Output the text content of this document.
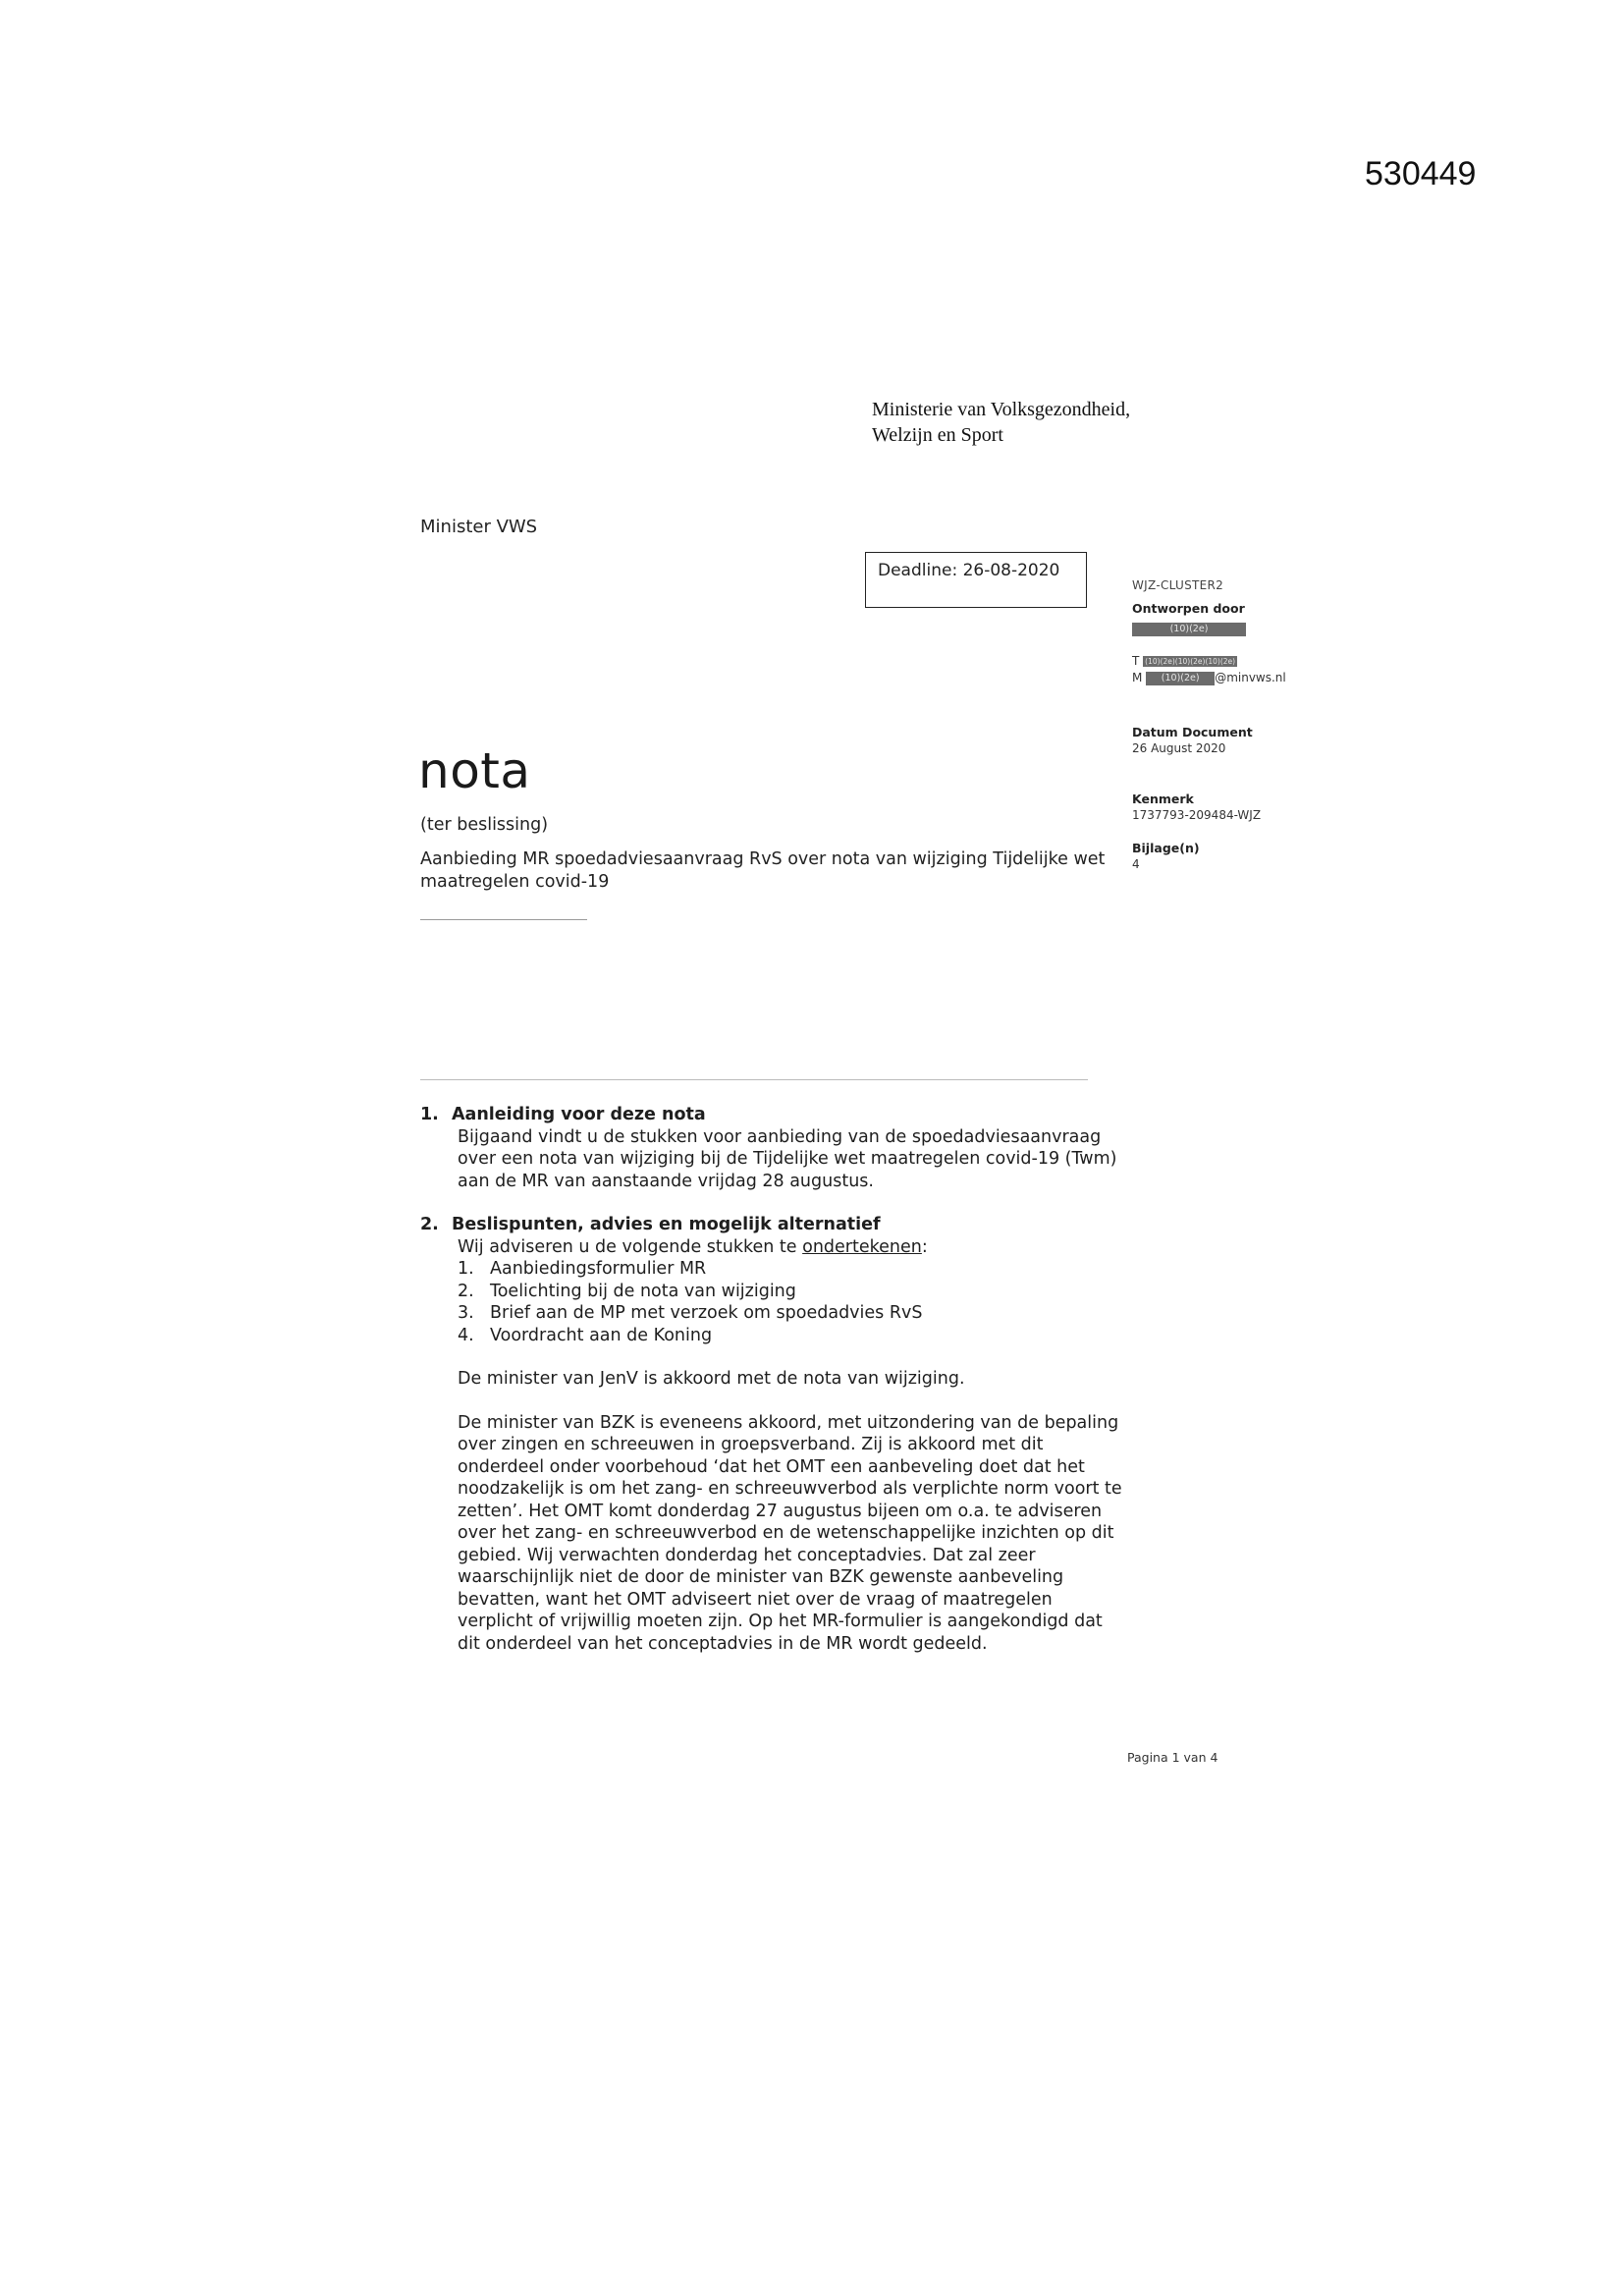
530449
Ministerie van Volksgezondheid,
Welzijn en Sport
Minister VWS
Deadline: 26-08-2020
WJZ-CLUSTER2
Ontworpen door
(10)(2e)
T (10)(2e)(10)(2e)(10)(2e)
M (10)(2e) @minvws.nl
Datum Document
26 August 2020
Kenmerk
1737793-209484-WJZ
Bijlage(n)
4
nota
(ter beslissing)
Aanbieding MR spoedadviesaanvraag RvS over nota van wijziging Tijdelijke wet maatregelen covid-19
1. Aanleiding voor deze nota

Bijgaand vindt u de stukken voor aanbieding van de spoedadviesaanvraag over een nota van wijziging bij de Tijdelijke wet maatregelen covid-19 (Twm) aan de MR van aanstaande vrijdag 28 augustus.

2. Beslispunten, advies en mogelijk alternatief

Wij adviseren u de volgende stukken te ondertekenen:

1. Aanbiedingsformulier MR
2. Toelichting bij de nota van wijziging
3. Brief aan de MP met verzoek om spoedadvies RvS
4. Voordracht aan de Koning

De minister van JenV is akkoord met de nota van wijziging.

De minister van BZK is eveneens akkoord, met uitzondering van de bepaling over zingen en schreeuwen in groepsverband. Zij is akkoord met dit onderdeel onder voorbehoud ‘dat het OMT een aanbeveling doet dat het noodzakelijk is om het zang- en schreeuwverbod als verplichte norm voort te zetten’. Het OMT komt donderdag 27 augustus bijeen om o.a. te adviseren over het zang- en schreeuwverbod en de wetenschappelijke inzichten op dit gebied. Wij verwachten donderdag het conceptadvies. Dat zal zeer waarschijnlijk niet de door de minister van BZK gewenste aanbeveling bevatten, want het OMT adviseert niet over de vraag of maatregelen verplicht of vrijwillig moeten zijn. Op het MR-formulier is aangekondigd dat dit onderdeel van het conceptadvies in de MR wordt gedeeld.

Pagina 1 van 4
